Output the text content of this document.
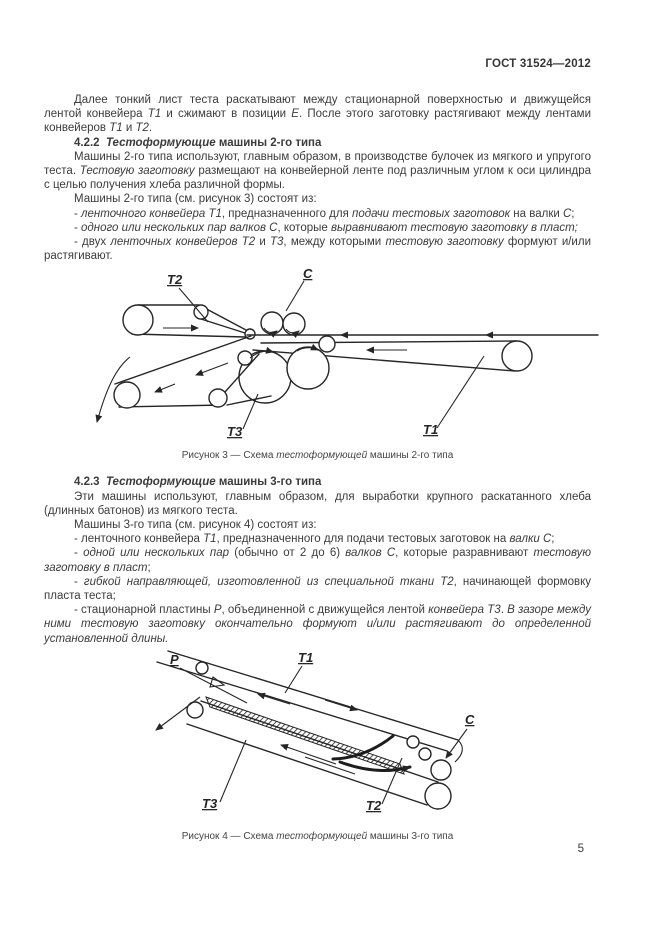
ГОСТ 31524—2012

Далее тонкий лист теста раскатывают между стационарной поверхностью и движущейся лентой конвейера Т1 и сжимают в позиции Е. После этого заготовку растягивают между лентами конвейеров Т1 и Т2.

4.2.2  Тестоформующие машины 2-го типа

Машины 2-го типа используют, главным образом, в производстве булочек из мягкого и упругого теста. Тестовую заготовку размещают на конвейерной ленте под различным углом к оси цилиндра с целью получения хлеба различной формы.

Машины 2-го типа (см. рисунок 3) состоят из:

- ленточного конвейера Т1, предназначенного для подачи тестовых заготовок на валки С;

- одного или нескольких пар валков С, которые выравнивают тестовую заготовку в пласт;

- двух ленточных конвейеров Т2 и Т3, между которыми тестовую заготовку формуют и/или растягивают.

Т2	С
Т3	Т1

Рисунок 3 — Схема тестоформующей машины 2-го типа

4.2.3  Тестоформующие машины 3-го типа

Эти машины используют, главным образом, для выработки крупного раскатанного хлеба (длинных батонов) из мягкого теста.

Машины 3-го типа (см. рисунок 4) состоят из:

- ленточного конвейера Т1, предназначенного для подачи тестовых заготовок на валки С;

- одной или нескольких пар (обычно от 2 до 6) валков С, которые разравнивают тестовую заготовку в пласт;

- гибкой направляющей, изготовленной из специальной ткани Т2, начинающей формовку пласта теста;

- стационарной пластины Р, объединенной с движущейся лентой конвейера Т3. В зазоре между ними тестовую заготовку окончательно формуют и/или растягивают до определенной установленной длины.

Р	Т1
С
Т3	Т2

Рисунок 4 — Схема тестоформующей машины 3-го типа

5
